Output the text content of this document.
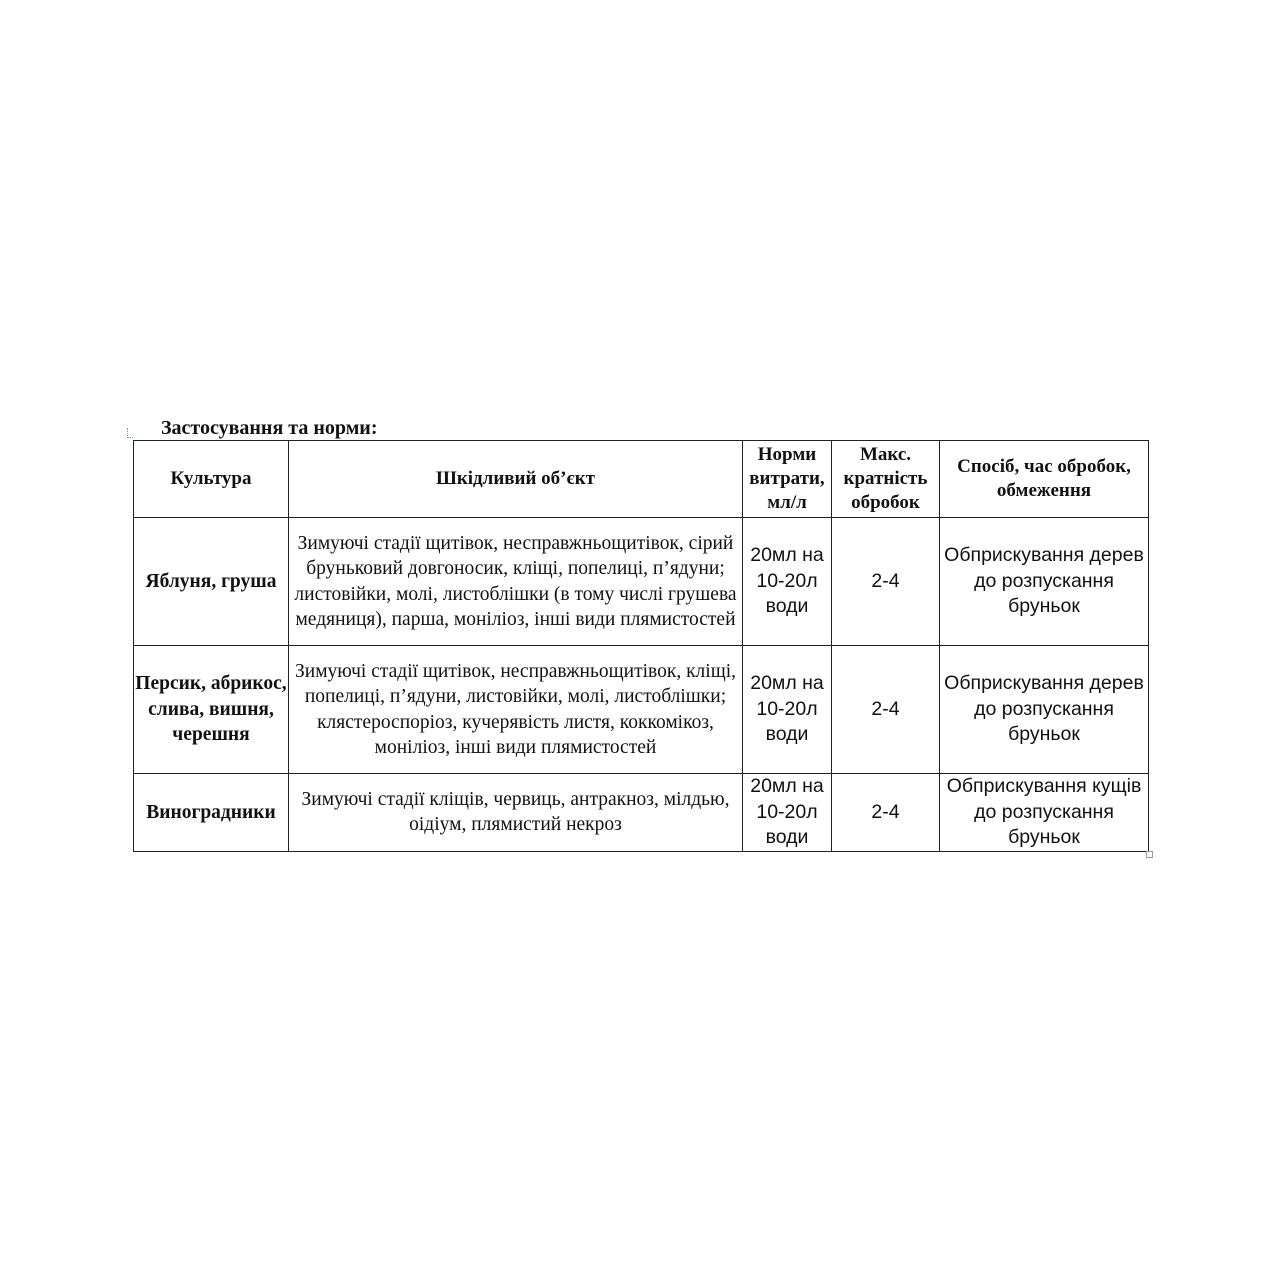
Застосування та норми:
Культура	Шкідливий об’єкт	Норми витрати, мл/л	Макс. кратність обробок	Спосіб, час обробок, обмеження
Яблуня, груша	Зимуючі стадії щитівок, несправжньощитівок, сірий бруньковий довгоносик, кліщі, попелиці, п’ядуни; листовійки, молі, листоблішки (в тому числі грушева медяниця), парша, моніліоз, інші види плямистостей	20мл на 10-20л води	2-4	Обприскування дерев до розпускання бруньок
Персик, абрикос, слива, вишня, черешня	Зимуючі стадії щитівок, несправжньощитівок, кліщі, попелиці, п’ядуни, листовійки, молі, листоблішки; клястероспоріоз, кучерявість листя, коккомікоз, моніліоз, інші види плямистостей	20мл на 10-20л води	2-4	Обприскування дерев до розпускання бруньок
Виноградники	Зимуючі стадії кліщів, червиць, антракноз, мілдью, оідіум, плямистий некроз	20мл на 10-20л води	2-4	Обприскування кущів до розпускання бруньок
